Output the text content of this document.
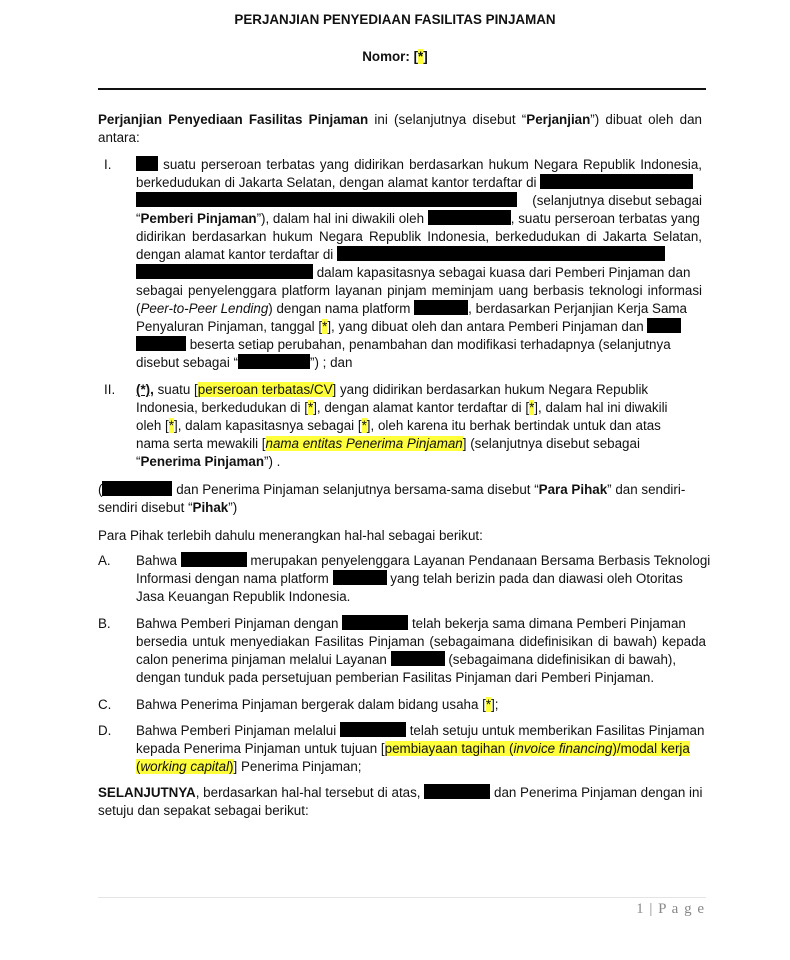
PERJANJIAN PENYEDIAAN FASILITAS PINJAMAN
Nomor: [*]
Perjanjian Penyediaan Fasilitas Pinjaman ini (selanjutnya disebut “Perjanjian”) dibuat oleh dan
antara:
I.	suatu perseroan terbatas yang didirikan berdasarkan hukum Negara Republik Indonesia,
berkedudukan di Jakarta Selatan, dengan alamat kantor terdaftar di
(selanjutnya disebut sebagai
“Pemberi Pinjaman”), dalam hal ini diwakili oleh	, suatu perseroan terbatas yang
didirikan berdasarkan hukum Negara Republik Indonesia, berkedudukan di Jakarta Selatan,
dengan alamat kantor terdaftar di
dalam kapasitasnya sebagai kuasa dari Pemberi Pinjaman dan
sebagai penyelenggara platform layanan pinjam meminjam uang berbasis teknologi informasi
(Peer-to-Peer Lending) dengan nama platform	, berdasarkan Perjanjian Kerja Sama
Penyaluran Pinjaman, tanggal [*], yang dibuat oleh dan antara Pemberi Pinjaman dan
beserta setiap perubahan, penambahan dan modifikasi terhadapnya (selanjutnya
disebut sebagai “	”) ; dan
II. (*), suatu [perseroan terbatas/CV] yang didirikan berdasarkan hukum Negara Republik
Indonesia, berkedudukan di [*], dengan alamat kantor terdaftar di [*], dalam hal ini diwakili
oleh [*], dalam kapasitasnya sebagai [*], oleh karena itu berhak bertindak untuk dan atas
nama serta mewakili [nama entitas Penerima Pinjaman] (selanjutnya disebut sebagai
“Penerima Pinjaman”) .
(	dan Penerima Pinjaman selanjutnya bersama-sama disebut “Para Pihak” dan sendiri-
sendiri disebut “Pihak”)
Para Pihak terlebih dahulu menerangkan hal-hal sebagai berikut:
A. Bahwa	merupakan penyelenggara Layanan Pendanaan Bersama Berbasis Teknologi
Informasi dengan nama platform	yang telah berizin pada dan diawasi oleh Otoritas
Jasa Keuangan Republik Indonesia.
B. Bahwa Pemberi Pinjaman dengan	telah bekerja sama dimana Pemberi Pinjaman
bersedia untuk menyediakan Fasilitas Pinjaman (sebagaimana didefinisikan di bawah) kepada
calon penerima pinjaman melalui Layanan	(sebagaimana didefinisikan di bawah),
dengan tunduk pada persetujuan pemberian Fasilitas Pinjaman dari Pemberi Pinjaman.
C. Bahwa Penerima Pinjaman bergerak dalam bidang usaha [*];
D. Bahwa Pemberi Pinjaman melalui	telah setuju untuk memberikan Fasilitas Pinjaman
kepada Penerima Pinjaman untuk tujuan [pembiayaan tagihan (invoice financing)/modal kerja
(working capital)] Penerima Pinjaman;
SELANJUTNYA, berdasarkan hal-hal tersebut di atas,	dan Penerima Pinjaman dengan ini
setuju dan sepakat sebagai berikut:
1 | P a g e
